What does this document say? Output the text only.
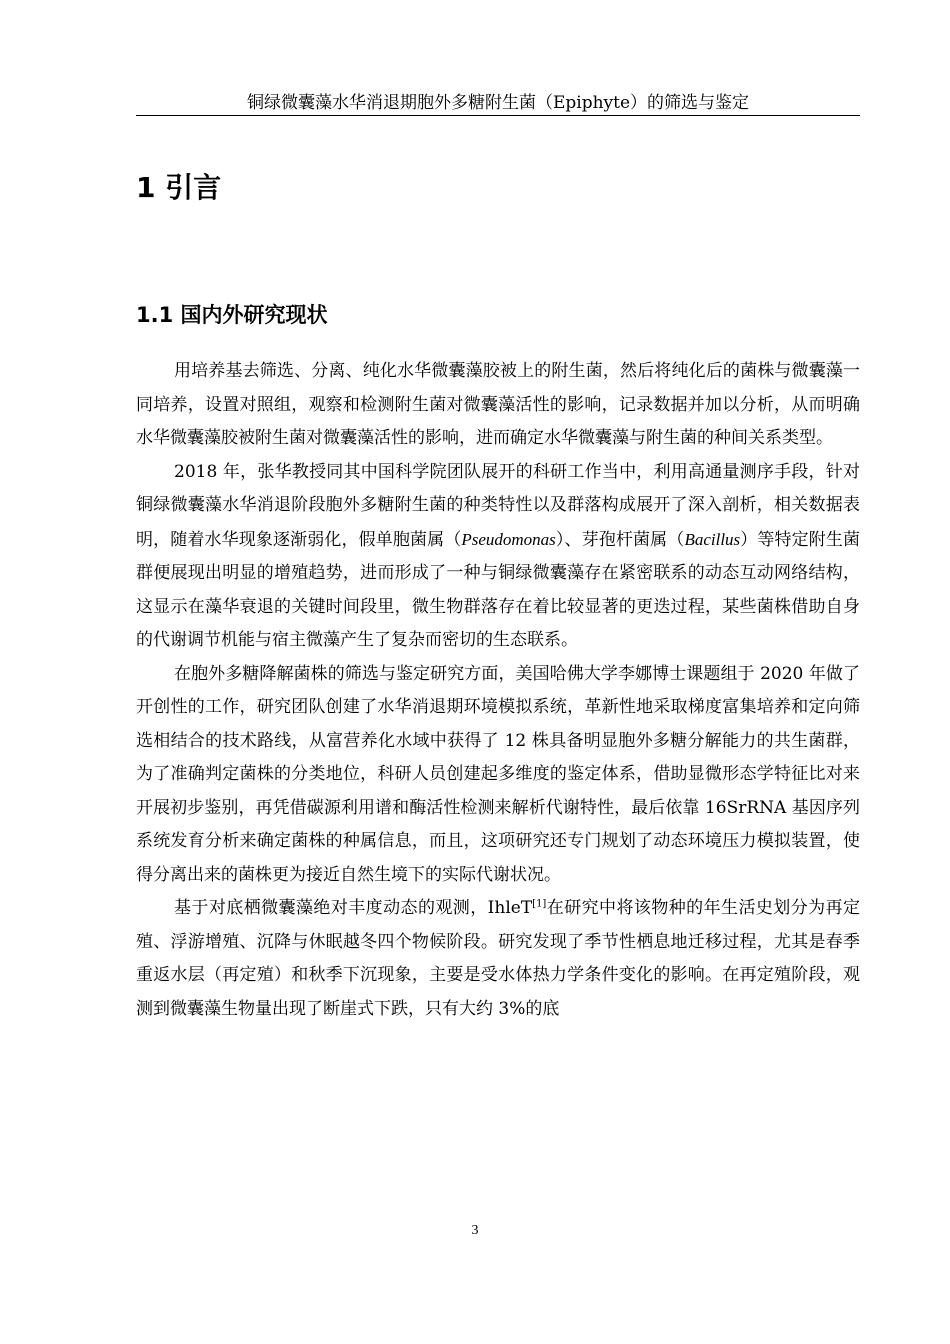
铜绿微囊藻水华消退期胞外多糖附生菌（Epiphyte）的筛选与鉴定
1 引言
1.1 国内外研究现状

用培养基去筛选、分离、纯化水华微囊藻胶被上的附生菌，然后将纯化后的菌株与微囊藻一同培养，设置对照组，观察和检测附生菌对微囊藻活性的影响，记录数据并加以分析，从而明确水华微囊藻胶被附生菌对微囊藻活性的影响，进而确定水华微囊藻与附生菌的种间关系类型。

2018 年，张华教授同其中国科学院团队展开的科研工作当中，利用高通量测序手段，针对铜绿微囊藻水华消退阶段胞外多糖附生菌的种类特性以及群落构成展开了深入剖析，相关数据表明，随着水华现象逐渐弱化，假单胞菌属（Pseudomonas）、芽孢杆菌属（Bacillus）等特定附生菌群便展现出明显的增殖趋势，进而形成了一种与铜绿微囊藻存在紧密联系的动态互动网络结构，这显示在藻华衰退的关键时间段里，微生物群落存在着比较显著的更迭过程，某些菌株借助自身的代谢调节机能与宿主微藻产生了复杂而密切的生态联系。

在胞外多糖降解菌株的筛选与鉴定研究方面，美国哈佛大学李娜博士课题组于 2020 年做了开创性的工作，研究团队创建了水华消退期环境模拟系统，革新性地采取梯度富集培养和定向筛选相结合的技术路线，从富营养化水域中获得了 12 株具备明显胞外多糖分解能力的共生菌群，为了准确判定菌株的分类地位，科研人员创建起多维度的鉴定体系，借助显微形态学特征比对来开展初步鉴别，再凭借碳源利用谱和酶活性检测来解析代谢特性，最后依靠 16SrRNA 基因序列系统发育分析来确定菌株的种属信息，而且，这项研究还专门规划了动态环境压力模拟装置，使得分离出来的菌株更为接近自然生境下的实际代谢状况。

基于对底栖微囊藻绝对丰度动态的观测，IhleT[1]在研究中将该物种的年生活史划分为再定殖、浮游增殖、沉降与休眠越冬四个物候阶段。研究发现了季节性栖息地迁移过程，尤其是春季重返水层（再定殖）和秋季下沉现象，主要是受水体热力学条件变化的影响。在再定殖阶段，观测到微囊藻生物量出现了断崖式下跌，只有大约 3%的底

3
